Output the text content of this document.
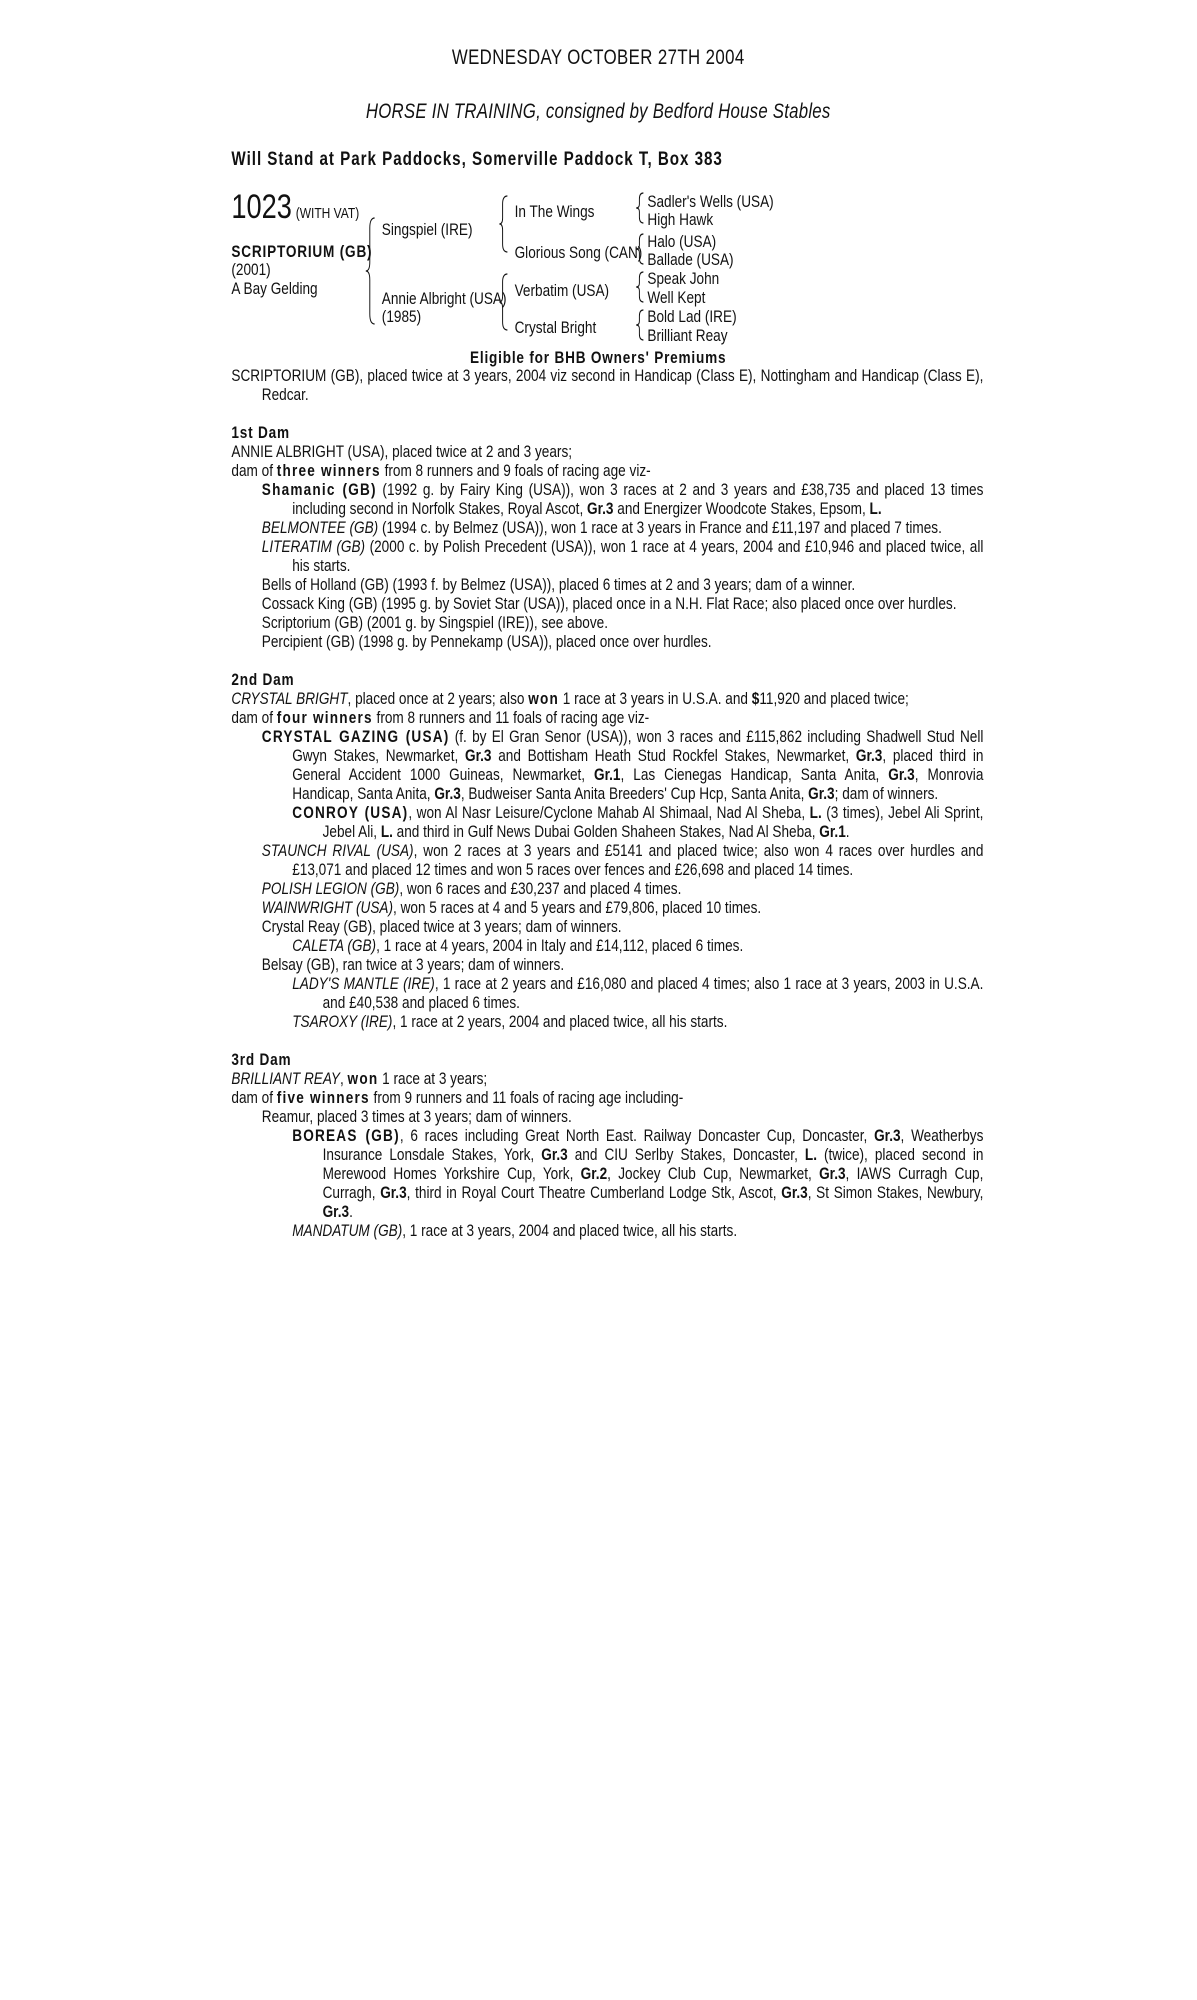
WEDNESDAY OCTOBER 27TH 2004
HORSE IN TRAINING, consigned by Bedford House Stables
Will Stand at Park Paddocks, Somerville Paddock T, Box 383
1023 (WITH VAT)
SCRIPTORIUM (GB)
(2001)
A Bay Gelding
Singspiel (IRE)
Annie Albright (USA)
(1985)
In The Wings
Glorious Song (CAN)
Verbatim (USA)
Crystal Bright
Sadler's Wells (USA)
High Hawk
Halo (USA)
Ballade (USA)
Speak John
Well Kept
Bold Lad (IRE)
Brilliant Reay
Eligible for BHB Owners' Premiums

SCRIPTORIUM (GB), placed twice at 3 years, 2004 viz second in Handicap (Class E), Nottingham and Handicap (Class E), Redcar.

1st Dam

ANNIE ALBRIGHT (USA), placed twice at 2 and 3 years;

dam of three winners from 8 runners and 9 foals of racing age viz-

Shamanic (GB) (1992 g. by Fairy King (USA)), won 3 races at 2 and 3 years and £38,735 and placed 13 times including second in Norfolk Stakes, Royal Ascot, Gr.3 and Energizer Woodcote Stakes, Epsom, L.

BELMONTEE (GB) (1994 c. by Belmez (USA)), won 1 race at 3 years in France and £11,197 and placed 7 times.

LITERATIM (GB) (2000 c. by Polish Precedent (USA)), won 1 race at 4 years, 2004 and £10,946 and placed twice, all his starts.

Bells of Holland (GB) (1993 f. by Belmez (USA)), placed 6 times at 2 and 3 years; dam of a winner.

Cossack King (GB) (1995 g. by Soviet Star (USA)), placed once in a N.H. Flat Race; also placed once over hurdles.

Scriptorium (GB) (2001 g. by Singspiel (IRE)), see above.

Percipient (GB) (1998 g. by Pennekamp (USA)), placed once over hurdles.

2nd Dam

CRYSTAL BRIGHT, placed once at 2 years; also won 1 race at 3 years in U.S.A. and $11,920 and placed twice;

dam of four winners from 8 runners and 11 foals of racing age viz-

CRYSTAL GAZING (USA) (f. by El Gran Senor (USA)), won 3 races and £115,862 including Shadwell Stud Nell Gwyn Stakes, Newmarket, Gr.3 and Bottisham Heath Stud Rockfel Stakes, Newmarket, Gr.3, placed third in General Accident 1000 Guineas, Newmarket, Gr.1, Las Cienegas Handicap, Santa Anita, Gr.3, Monrovia Handicap, Santa Anita, Gr.3, Budweiser Santa Anita Breeders' Cup Hcp, Santa Anita, Gr.3; dam of winners.

CONROY (USA), won Al Nasr Leisure/Cyclone Mahab Al Shimaal, Nad Al Sheba, L. (3 times), Jebel Ali Sprint, Jebel Ali, L. and third in Gulf News Dubai Golden Shaheen Stakes, Nad Al Sheba, Gr.1.

STAUNCH RIVAL (USA), won 2 races at 3 years and £5141 and placed twice; also won 4 races over hurdles and £13,071 and placed 12 times and won 5 races over fences and £26,698 and placed 14 times.

POLISH LEGION (GB), won 6 races and £30,237 and placed 4 times.

WAINWRIGHT (USA), won 5 races at 4 and 5 years and £79,806, placed 10 times.

Crystal Reay (GB), placed twice at 3 years; dam of winners.

CALETA (GB), 1 race at 4 years, 2004 in Italy and £14,112, placed 6 times.

Belsay (GB), ran twice at 3 years; dam of winners.

LADY'S MANTLE (IRE), 1 race at 2 years and £16,080 and placed 4 times; also 1 race at 3 years, 2003 in U.S.A. and £40,538 and placed 6 times.

TSAROXY (IRE), 1 race at 2 years, 2004 and placed twice, all his starts.

3rd Dam

BRILLIANT REAY, won 1 race at 3 years;

dam of five winners from 9 runners and 11 foals of racing age including-

Reamur, placed 3 times at 3 years; dam of winners.

BOREAS (GB), 6 races including Great North East. Railway Doncaster Cup, Doncaster, Gr.3, Weatherbys Insurance Lonsdale Stakes, York, Gr.3 and CIU Serlby Stakes, Doncaster, L. (twice), placed second in Merewood Homes Yorkshire Cup, York, Gr.2, Jockey Club Cup, Newmarket, Gr.3, IAWS Curragh Cup, Curragh, Gr.3, third in Royal Court Theatre Cumberland Lodge Stk, Ascot, Gr.3, St Simon Stakes, Newbury, Gr.3.

MANDATUM (GB), 1 race at 3 years, 2004 and placed twice, all his starts.
